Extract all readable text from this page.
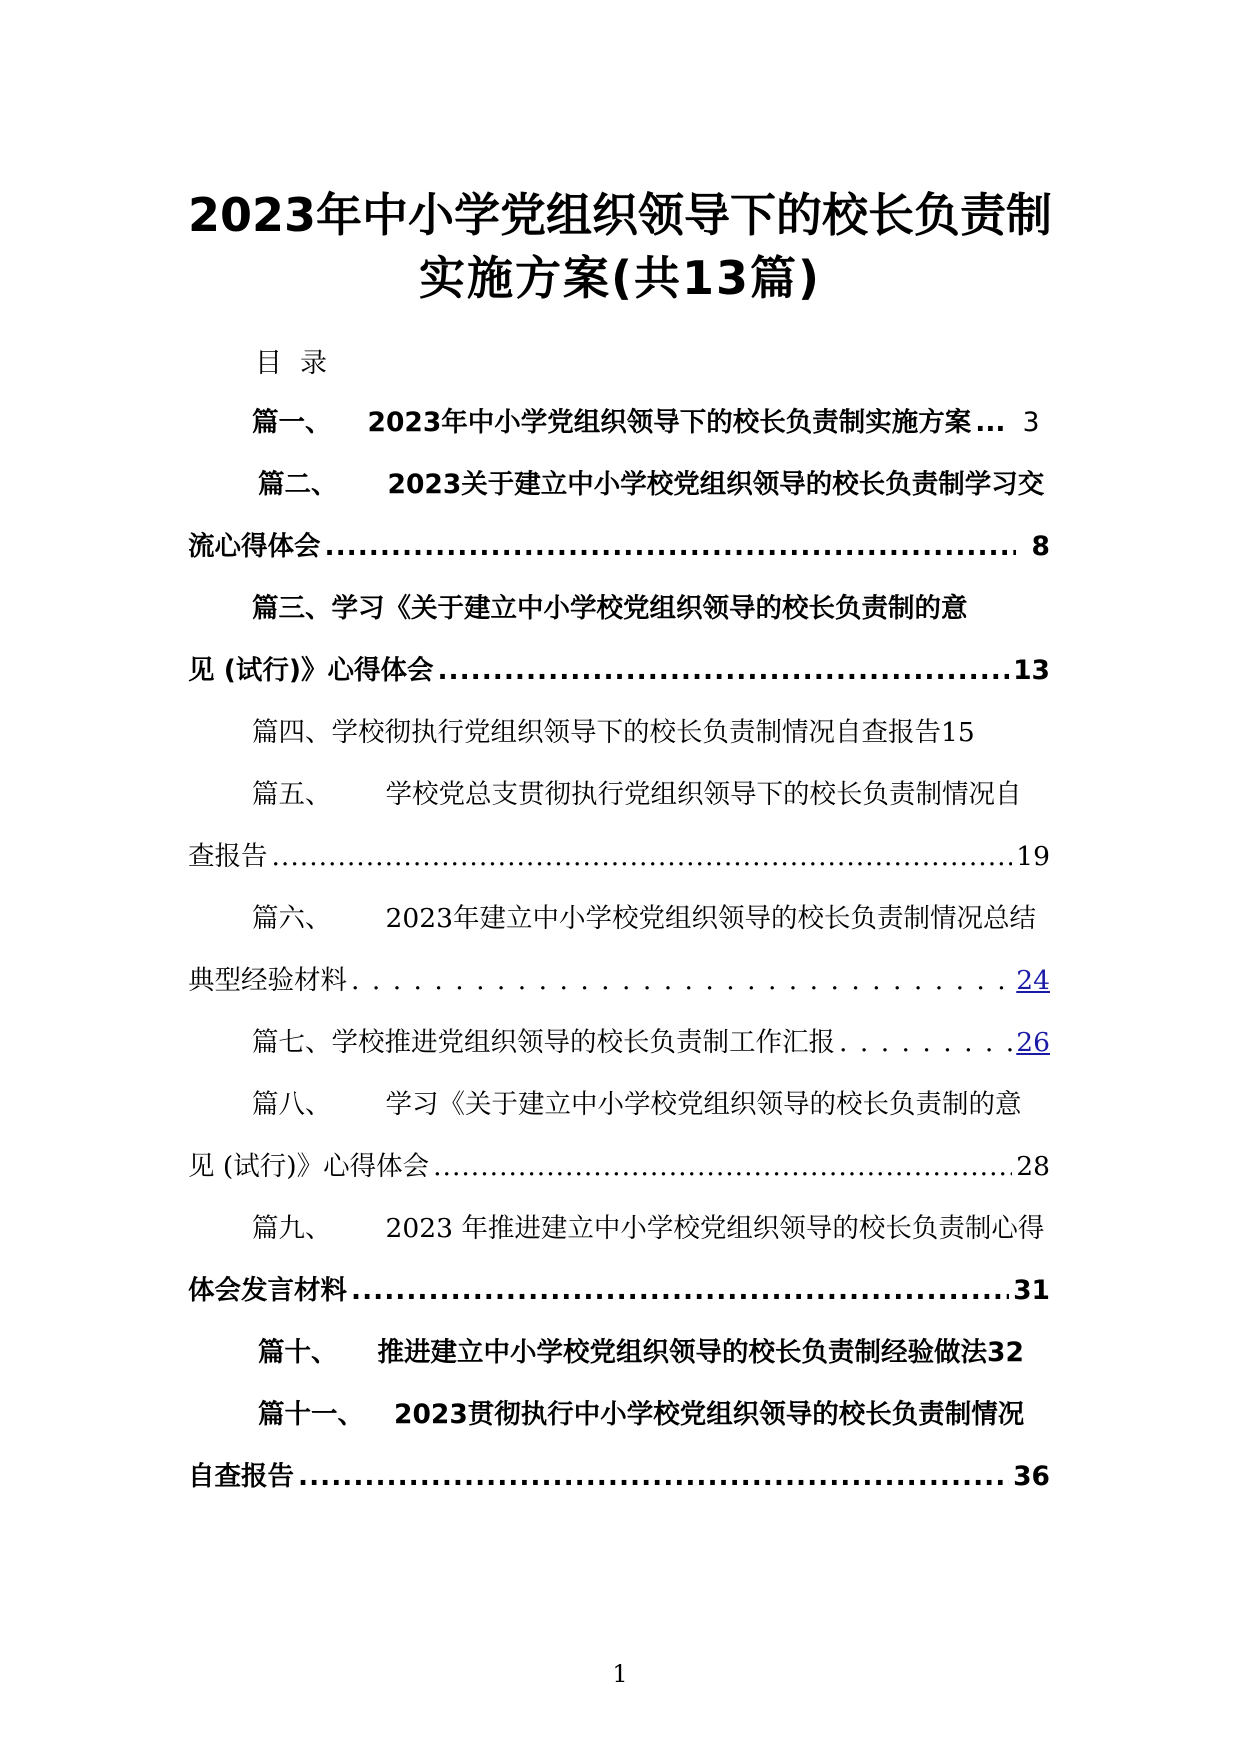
2023年中小学党组织领导下的校长负责制
实施方案(共13篇)
目录
篇一、 2023年中小学党组织领导下的校长负责制实施方案 ... 3
篇二、 2023关于建立中小学校党组织领导的校长负责制学习交
流心得体会 .....	8
篇三、学习《关于建立中小学校党组织领导的校长负责制的意
见 (试行)》心得体会 .....	13
篇四、学校彻执行党组织领导下的校长负责制情况自查报告 15
篇五、 学校党总支贯彻执行党组织领导下的校长负责制情况自
查报告 .....	19
篇六、 2023年建立中小学校党组织领导的校长负责制情况总结
典型经验材料 . . .	24
篇七、学校推进党组织领导的校长负责制工作汇报 . . .	26
篇八、 学习《关于建立中小学校党组织领导的校长负责制的意
见 (试行)》心得体会 .....	28
篇九、 2023 年推进建立中小学校党组织领导的校长负责制心得
体会发言材料 .....	31
篇十、 推进建立中小学校党组织领导的校长负责制经验做法 32
篇十一、 2023贯彻执行中小学校党组织领导的校长负责制情况
自查报告 .....	36
1
